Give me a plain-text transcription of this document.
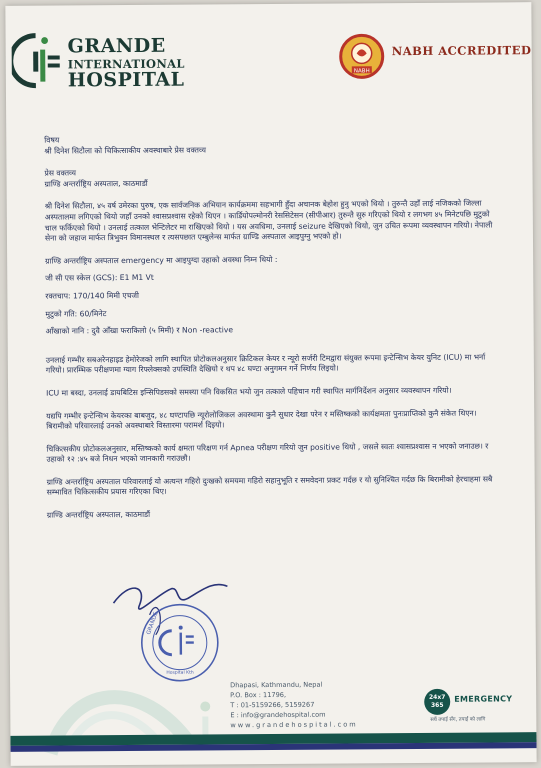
GRANDE
INTERNATIONAL
HOSPITAL	NABH
NABH ACCREDITED

विषय

श्री दिनेश सिटौला को चिकित्साकीय अवस्थाबारे प्रेस वक्तव्य

प्रेस वक्तव्य

ग्राण्डि अन्तर्राष्ट्रिय अस्पताल, काठमाडौं

श्री दिनेश सिटौला, ४५ वर्ष उमेरका पुरुष, एक सार्वजनिक अभियान कार्यक्रममा सहभागी हुँदा अचानक बेहोश हुनु भएको थियो । तुरुन्तै उहाँ लाई नजिकको जिल्ला अस्पतालमा लगिएको थियो जहाँ उनको श्वासप्रश्वास रहेको थिएन । कार्डियोपल्मोनरी रेससिटेसन (सीपीआर) तुरुन्तै सुरु गरिएको थियो र लगभग ४५ मिनेटपछि मुटुको चाल फर्किएको थियो । उनलाई तत्काल भेन्टिलेटर मा राखिएको थियो । यस अवधिमा, उनलाई seizure देखिएको थियो, जुन उचित रूपमा व्यवस्थापन गरियो। नेपाली सेना को जहाज मार्फत त्रिभुवन विमानस्थल र त्यसपछात एम्बुलेन्स मार्फत ग्राण्डि अस्पताल आइपुग्नु भएको हो।

ग्राण्डि अन्तर्राष्ट्रिय अस्पताल emergency मा आइपुग्दा उहाको अवस्था निम्न थियो :

जी सी एस स्केल (GCS): E1 M1 Vt

रक्तचाप: 170/140 मिमी एचजी

मुटुको गति: 60/मिनेट

आँखाको नानि : दुवै आँखा फराकिलो (५ मिमी) र Non -reactive

उनलाई गम्भीर सबअरेनहाइड हेमोरेजको लागि स्थापित प्रोटोकलअनुसार क्रिटिकल केयर र न्यूरो सर्जरी टिमद्वारा संयुक्त रूपमा इन्टेन्सिभ केयर युनिट (ICU) मा भर्ना गरियो। प्रारम्भिक परीक्षणमा ग्याग रिफ्लेक्सको उपस्थिति देखियो र थप ४८ घण्टा अनुगमन गर्ने निर्णय लिइयो।

ICU मा बस्दा, उनलाई डायबिटिस इन्सिपिडसको समस्या पनि विकसित भयो जुन तत्काले पहिचान गरी स्थापित मार्गनिर्देशन अनुसार व्यवस्थापन गरियो।

यद्यपि गम्भीर इन्टेन्सिभ केयरका बाबजुद, ४८ घण्टापछि न्यूरोलोजिकल अवस्थामा कुनै सुधार देखा परेन र मस्तिष्कको कार्यक्षमता पुनःप्राप्तिको कुनै संकेत थिएन। बिरामीको परिवारलाई उनको अवस्थाबारे विस्तारमा परामर्श दिइयो।

चिकित्सकीय प्रोटोकलअनुसार, मस्तिष्कको कार्य क्षमता परिक्षण गर्न Apnea परीक्षण गरियो जुन positive थियो , जसले स्वतः श्वासप्रश्वास न भएको जनाउछ। र उहाको १२ :४५ बजे निधन भएको जानकारी गराउछौ।

ग्राण्डि अन्तर्राष्ट्रिय अस्पताल परिवारलाई यो अत्यन्त गहिरो दुःखको समयमा गहिरो सहानुभूति र समवेदना प्रकट गर्दछ र यो सुनिश्चित गर्दछ कि बिरामीको हेरचाहमा सबै सम्भावित चिकित्सकीय प्रयास गरिएका थिए।

ग्राण्डि अन्तर्राष्ट्रिय अस्पताल, काठमाडौं

GRANDE
Hospital Kth
Dhapasi, Kathmandu, Nepal
P.O. Box : 11796,
T : 01-5159266, 5159267
E : info@grandehospital.com
www.grandehospital.com
24x7
365
EMERGENCY
सधैं तपाई सँग, तपाईं को लागि
